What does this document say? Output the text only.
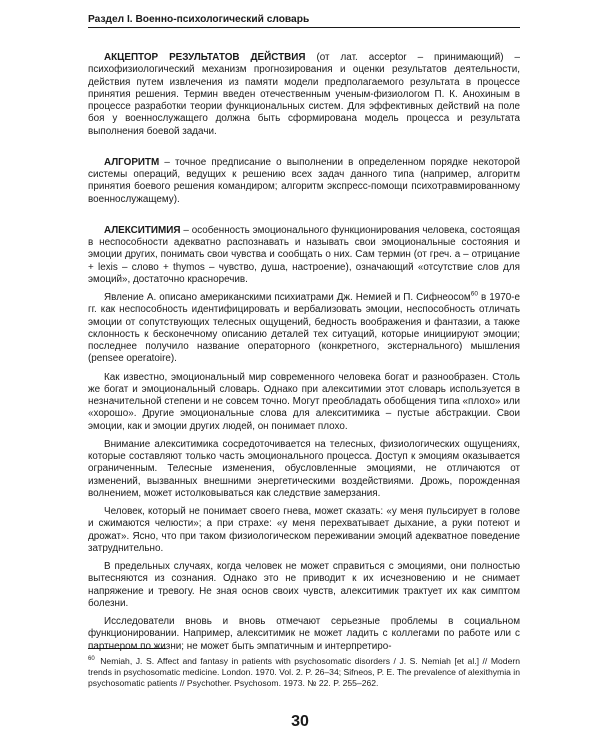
Раздел I. Военно-психологический словарь

АКЦЕПТОР РЕЗУЛЬТАТОВ ДЕЙСТВИЯ (от лат. acceptor – принимающий) – психофизиологический механизм прогнозирования и оценки результатов деятельности, действия путем извлечения из памяти модели предполагаемого результата в процессе принятия решения. Термин введен отечественным ученым-физиологом П. К. Анохиным в процессе разработки теории функциональных систем. Для эффективных действий на поле боя у военнослужащего должна быть сформирована модель процесса и результата выполнения боевой задачи.

АЛГОРИТМ – точное предписание о выполнении в определенном порядке некоторой системы операций, ведущих к решению всех задач данного типа (например, алгоритм принятия боевого решения командиром; алгоритм экспресс-помощи психотравмированному военнослужащему).

АЛЕКСИТИМИЯ – особенность эмоционального функционирования человека, состоящая в неспособности адекватно распознавать и называть свои эмоциональные состояния и эмоции других, понимать свои чувства и сообщать о них. Сам термин (от греч. а – отрицание + lexis – слово + thymos – чувство, душа, настроение), означающий «отсутствие слов для эмоций», достаточно красноречив.

Явление А. описано американскими психиатрами Дж. Немией и П. Сифнеосом$^{60}$ в 1970-е гг. как неспособность идентифицировать и вербализовать эмоции, неспособность отличать эмоции от сопутствующих телесных ощущений, бедность воображения и фантазии, а также склонность к бесконечному описанию деталей тех ситуаций, которые инициируют эмоции; последнее получило название операторного (конкретного, экстернального) мышления (pensee operatoire).

Как известно, эмоциональный мир современного человека богат и разнообразен. Столь же богат и эмоциональный словарь. Однако при алекситимии этот словарь используется в незначительной степени и не совсем точно. Могут преобладать обобщения типа «плохо» или «хорошо». Другие эмоциональные слова для алекситимика – пустые абстракции. Свои эмоции, как и эмоции других людей, он понимает плохо.

Внимание алекситимика сосредоточивается на телесных, физиологических ощущениях, которые составляют только часть эмоционального процесса. Доступ к эмоциям оказывается ограниченным. Телесные изменения, обусловленные эмоциями, не отличаются от изменений, вызванных внешними энергетическими воздействиями. Дрожь, порожденная волнением, может истолковываться как следствие замерзания.

Человек, который не понимает своего гнева, может сказать: «у меня пульсирует в голове и сжимаются челюсти»; а при страхе: «у меня перехватывает дыхание, а руки потеют и дрожат». Ясно, что при таком физиологическом переживании эмоций адекватное поведение затруднительно.

В предельных случаях, когда человек не может справиться с эмоциями, они полностью вытесняются из сознания. Однако это не приводит к их исчезновению и не снимает напряжение и тревогу. Не зная основ своих чувств, алекситимик трактует их как симптом болезни.

Исследователи вновь и вновь отмечают серьезные проблемы в социальном функционировании. Например, алекситимик не может ладить с коллегами по работе или с партнером по жизни; не может быть эмпатичным и интерпретиро-

$^{60}$ Nemiah, J. S. Affect and fantasy in patients with psychosomatic disorders / J. S. Nemiah [et al.] // Modern trends in psychosomatic medicine. London. 1970. Vol. 2. P. 26–34; Sifneos, P. E. The prevalence of alexithymia in psychosomatic patients // Psychother. Psychosom. 1973. № 22. P. 255–262.
30
